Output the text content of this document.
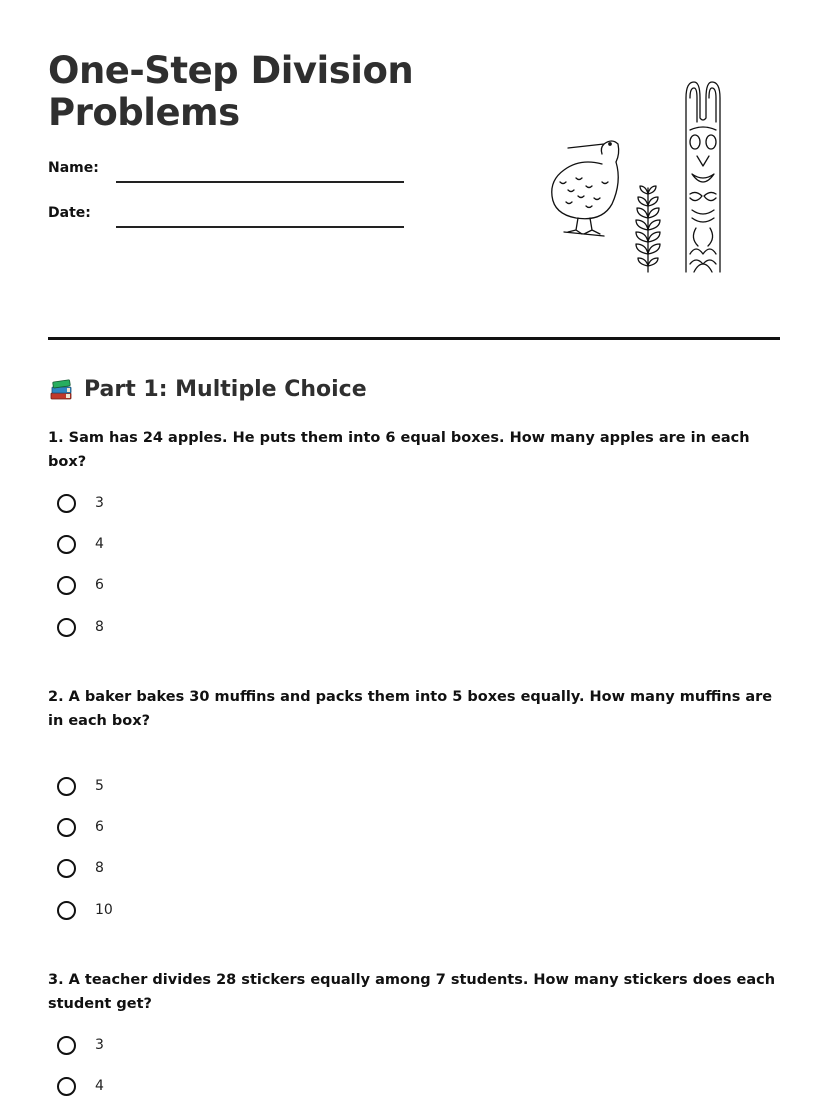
One-Step Division Problems
Name:
Date:
Part 1: Multiple Choice

1. Sam has 24 apples. He puts them into 6 equal boxes. How many apples are in each box?

3
4
6
8

2. A baker bakes 30 muffins and packs them into 5 boxes equally. How many muffins are in each box?

5
6
8
10

3. A teacher divides 28 stickers equally among 7 students. How many stickers does each student get?

3
4
